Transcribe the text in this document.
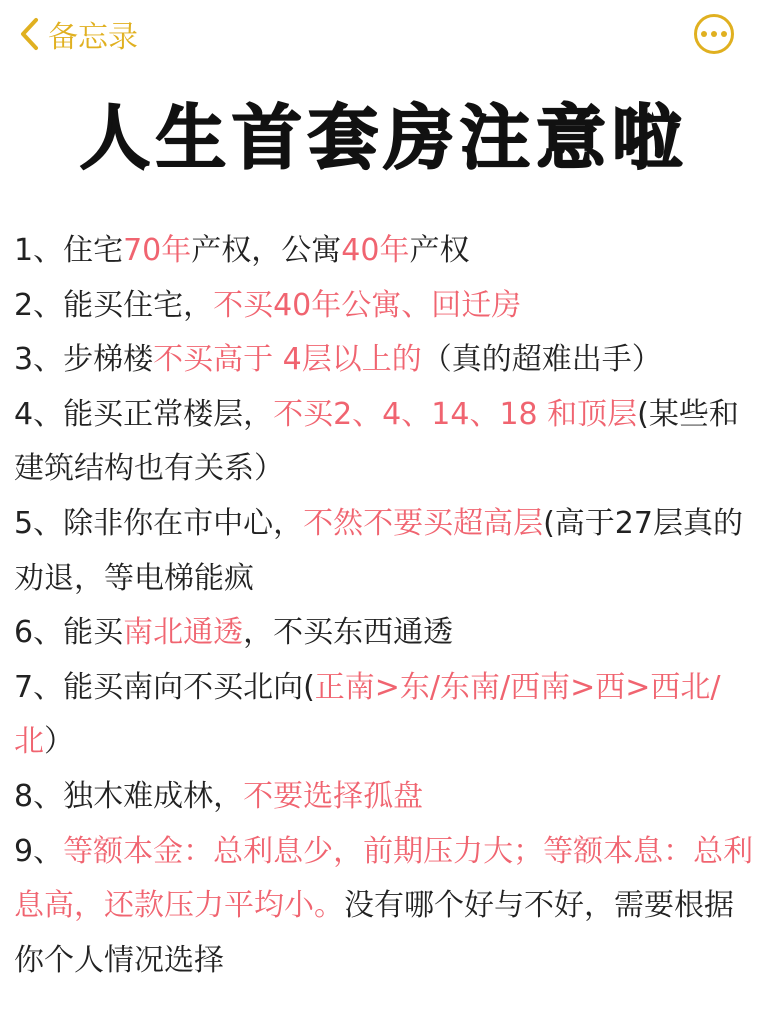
备忘录
人生首套房注意啦

1、住宅70年产权，公寓40年产权

2、能买住宅，不买40年公寓、回迁房

3、步梯楼不买高于 4层以上的（真的超难出手）

4、能买正常楼层，不买2、4、14、18 和顶层(某些和建筑结构也有关系）

5、除非你在市中心，不然不要买超高层(高于27层真的劝退，等电梯能疯

6、能买南北通透，不买东西通透

7、能买南向不买北向(正南>东/东南/西南>西>西北/北）

8、独木难成林，不要选择孤盘

9、等额本金：总利息少，前期压力大；等额本息：总利息高，还款压力平均小。没有哪个好与不好，需要根据你个人情况选择
